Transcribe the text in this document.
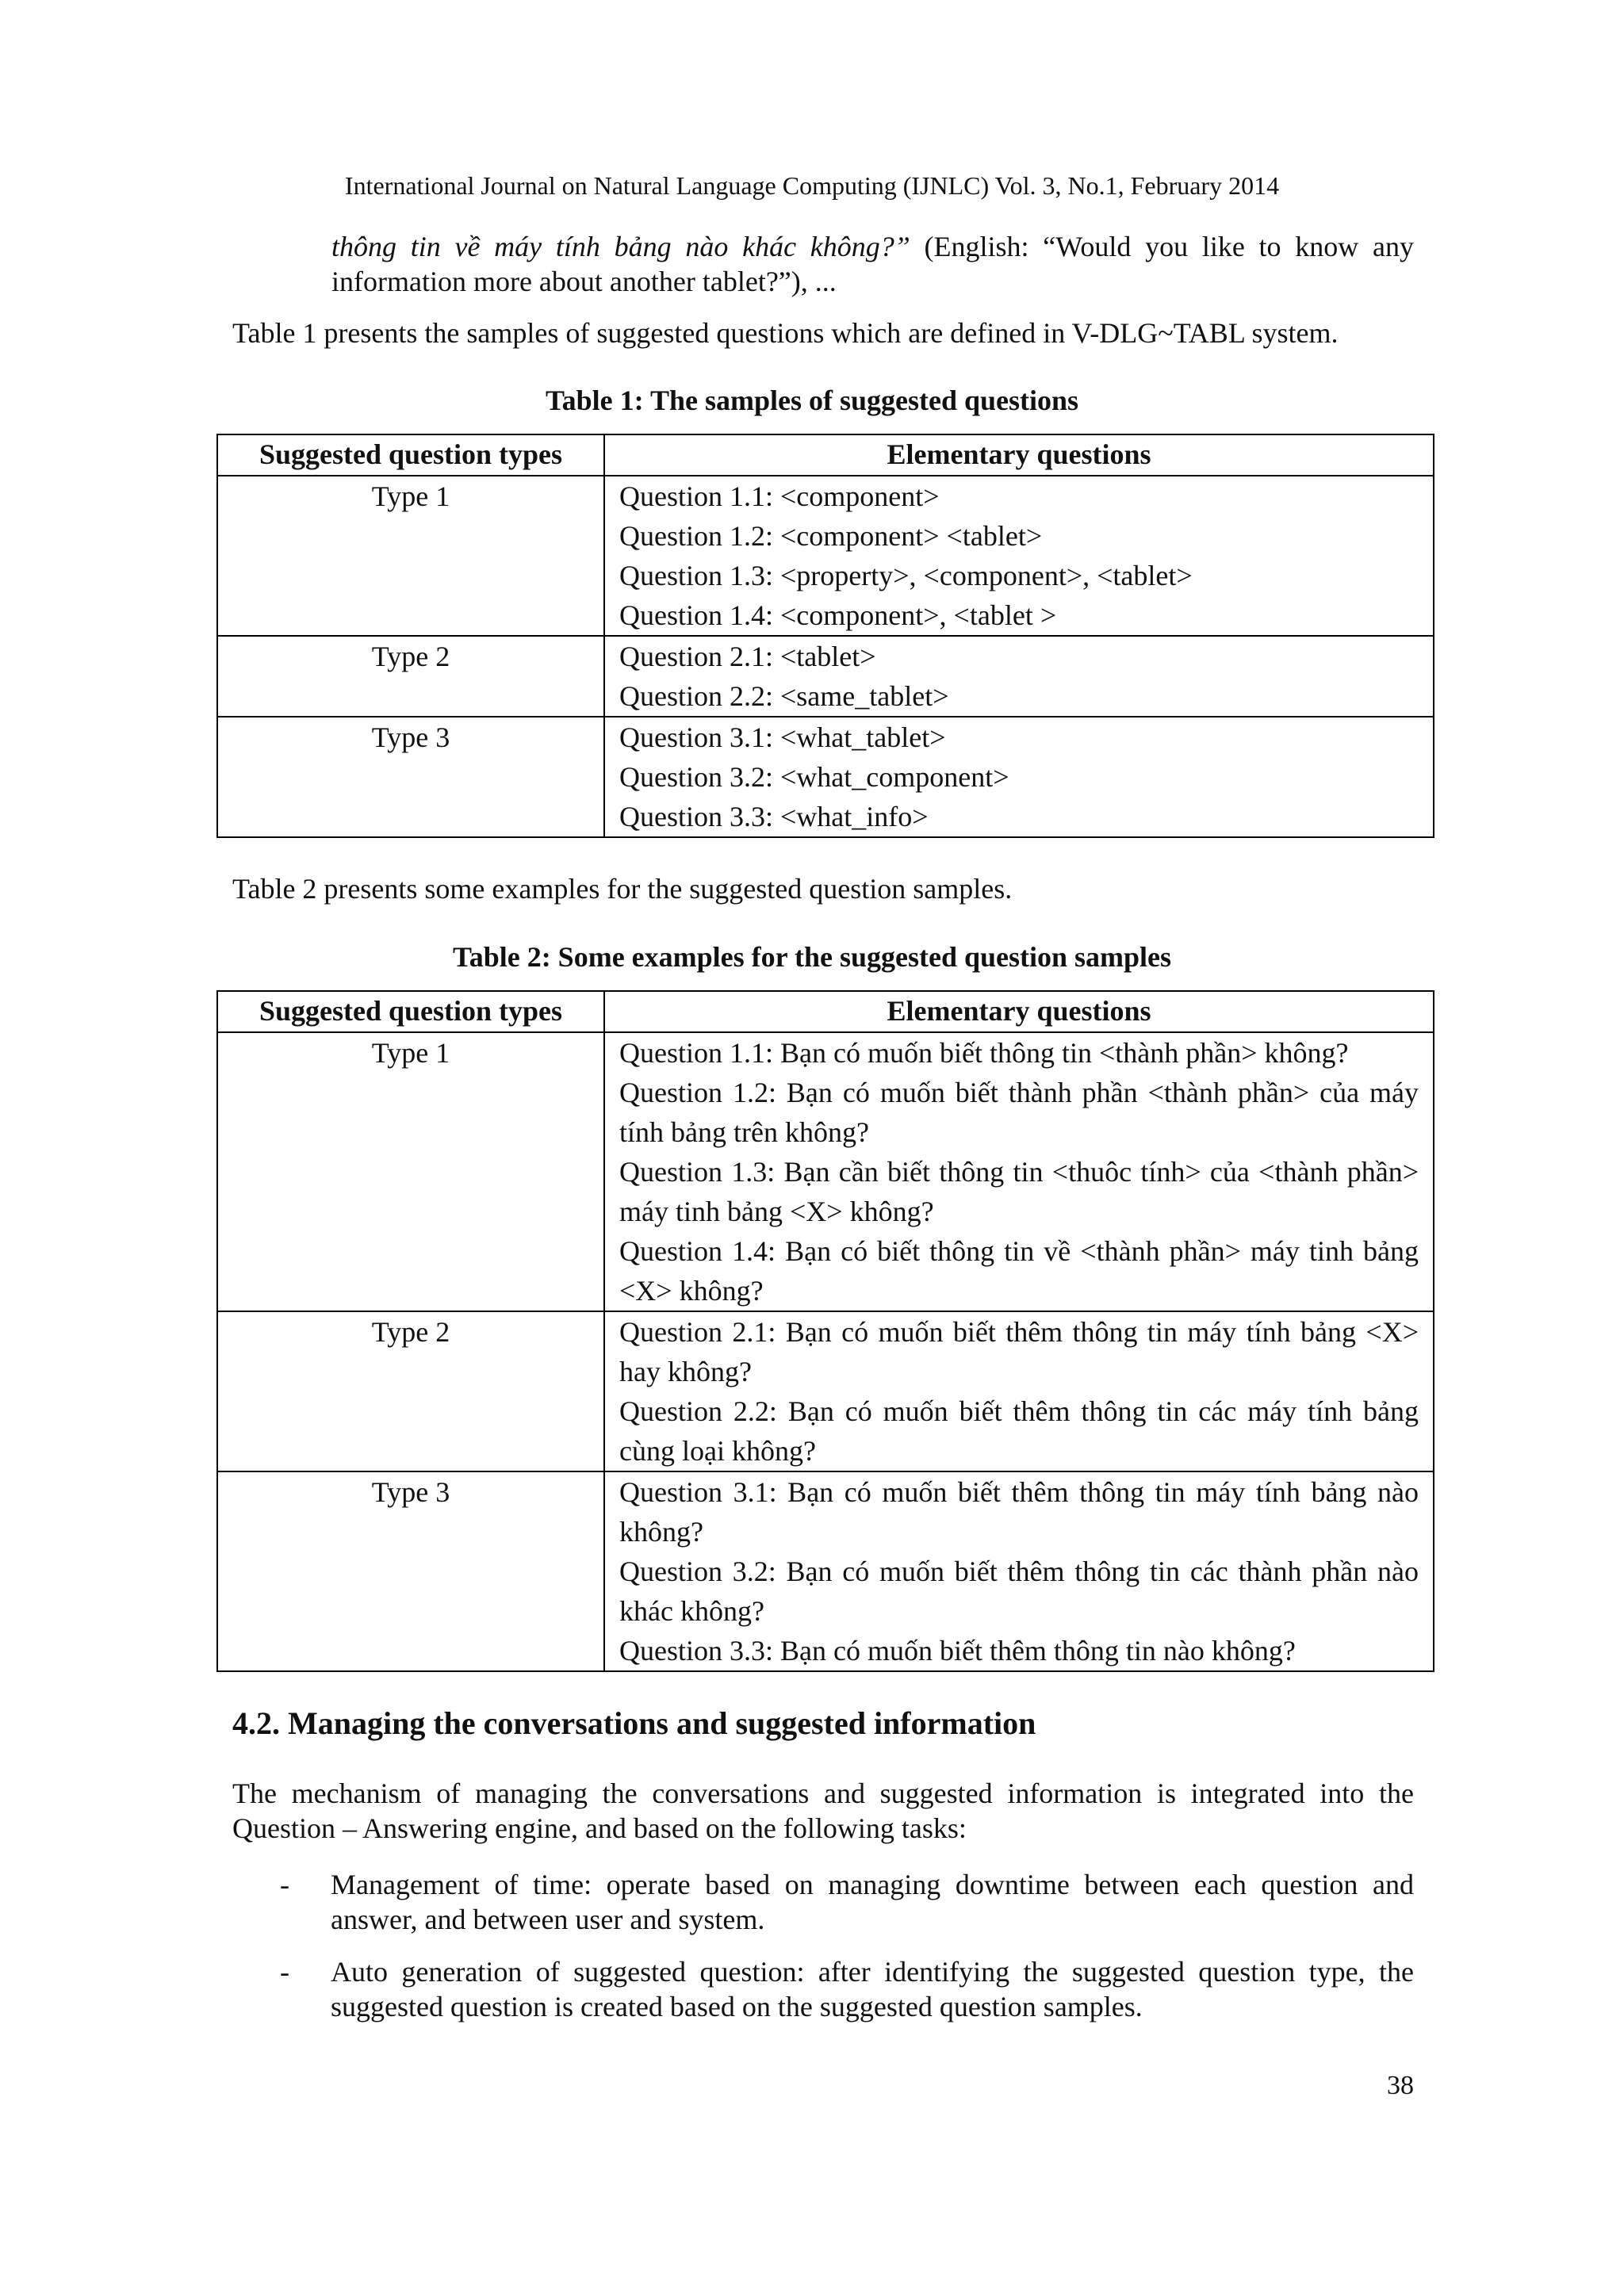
International Journal on Natural Language Computing (IJNLC) Vol. 3, No.1, February 2014

thông tin về máy tính bảng nào khác không?” (English: “Would you like to know any information more about another tablet?”), ...

Table 1 presents the samples of suggested questions which are defined in V-DLG~TABL system.

Table 1: The samples of suggested questions
Suggested question types	Elementary questions
Type 1	Question 1.1: <component>
Question 1.2: <component> <tablet>
Question 1.3: <property>, <component>, <tablet>
Question 1.4: <component>, <tablet >

Type 2	Question 2.1: <tablet>
Question 2.2: <same_tablet>

Type 3	Question 3.1: <what_tablet>
Question 3.2: <what_component>
Question 3.3: <what_info>

Table 2 presents some examples for the suggested question samples.

Table 2: Some examples for the suggested question samples
Suggested question types	Elementary questions
Type 1	Question 1.1: Bạn có muốn biết thông tin <thành phần> không?
Question 1.2: Bạn có muốn biết thành phần <thành phần> của máy tính bảng trên không?
Question 1.3: Bạn cần biết thông tin <thuôc tính> của <thành phần> máy tinh bảng <X> không?
Question 1.4: Bạn có biết thông tin về <thành phần> máy tinh bảng <X> không?

Type 2	Question 2.1: Bạn có muốn biết thêm thông tin máy tính bảng <X> hay không?
Question 2.2: Bạn có muốn biết thêm thông tin các máy tính bảng cùng loại không?

Type 3	Question 3.1: Bạn có muốn biết thêm thông tin máy tính bảng nào không?
Question 3.2: Bạn có muốn biết thêm thông tin các thành phần nào khác không?
Question 3.3: Bạn có muốn biết thêm thông tin nào không?
4.2. Managing the conversations and suggested information

The mechanism of managing the conversations and suggested information is integrated into the Question – Answering engine, and based on the following tasks:

- Management of time: operate based on managing downtime between each question and answer, and between user and system.
- Auto generation of suggested question: after identifying the suggested question type, the suggested question is created based on the suggested question samples.
38
